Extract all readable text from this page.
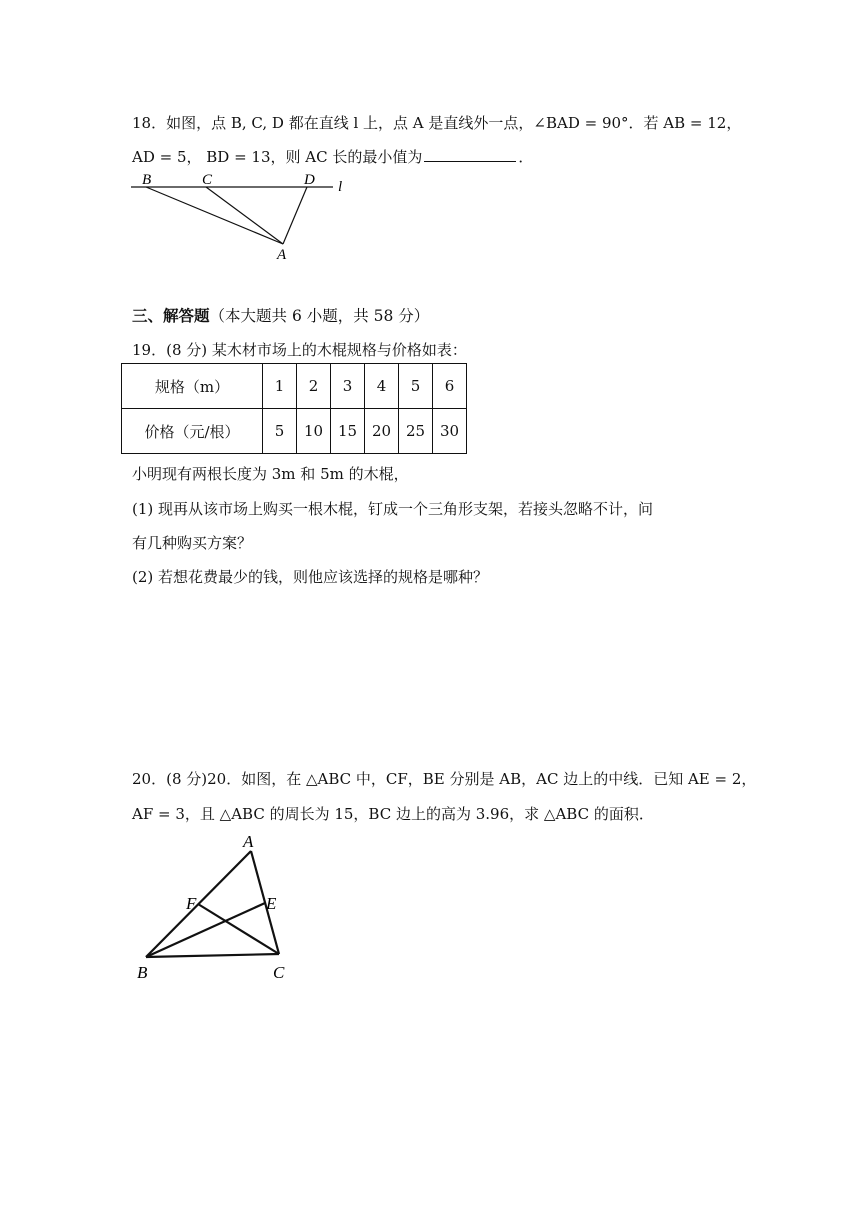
18．如图，点 B, C, D 都在直线 l 上，点 A 是直线外一点，∠BAD = 90°．若 AB = 12，
AD = 5， BD = 13，则 AC 长的最小值为	．
B	C	D l
A
三、解答题（本大题共 6 小题，共 58 分）
19．(8 分) 某木材市场上的木棍规格与价格如表：
规格（m）	1	2	3	4	5	6
价格（元/根）	5	10	15	20	25	30
小明现有两根长度为 3m 和 5m 的木棍，
(1) 现再从该市场上购买一根木棍，钉成一个三角形支架，若接头忽略不计，问
有几种购买方案？
(2) 若想花费最少的钱，则他应该选择的规格是哪种？
20．(8 分)20．如图，在 △ABC 中，CF，BE 分别是 AB，AC 边上的中线．已知 AE = 2，
AF = 3，且 △ABC 的周长为 15，BC 边上的高为 3.96，求 △ABC 的面积．
A
F	E
B	C
